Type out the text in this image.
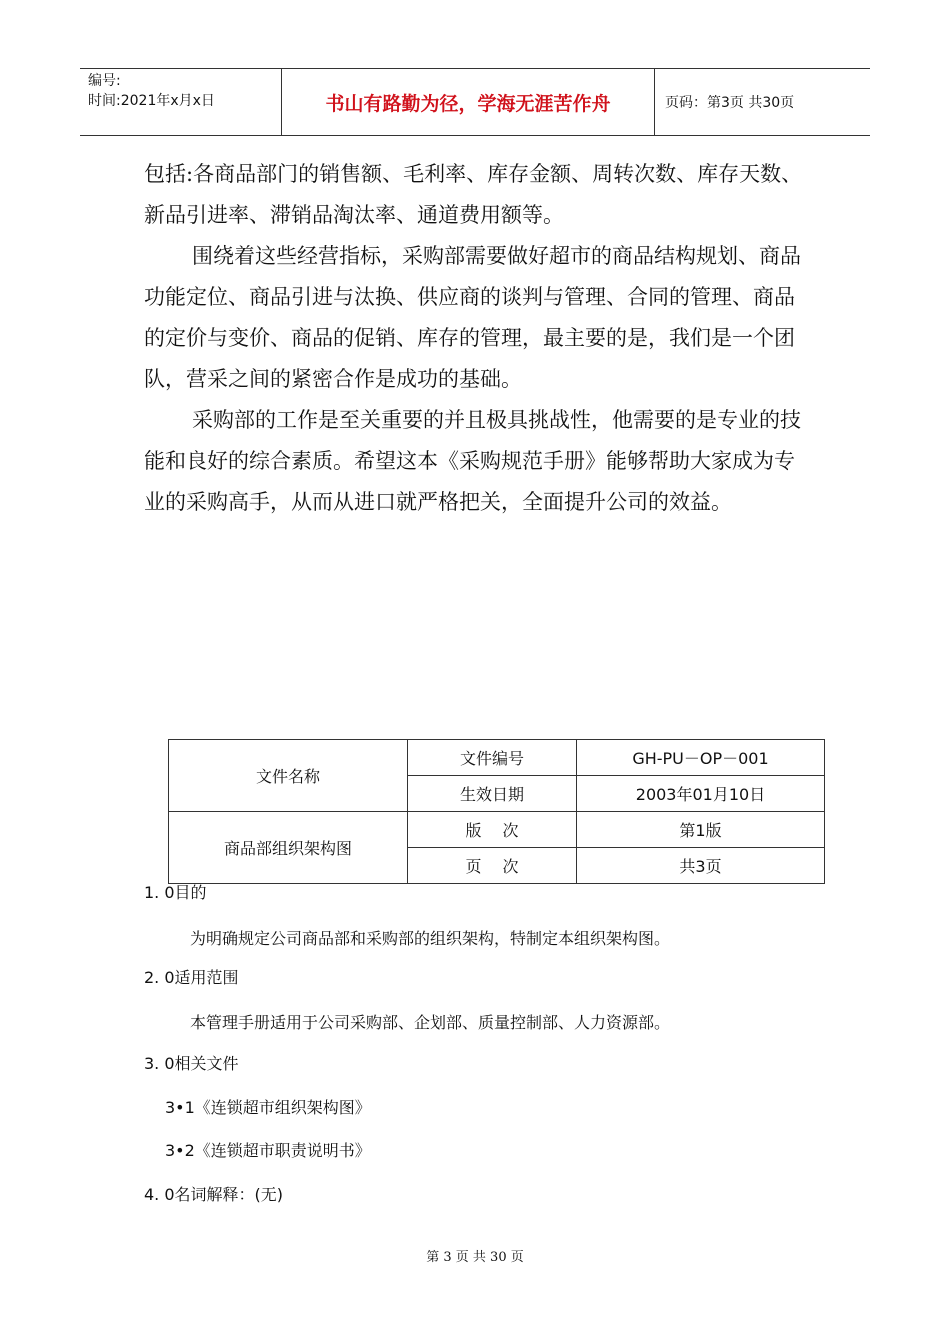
编号:
时间:2021年x月x日	书山有路勤为径，学海无涯苦作舟	页码：第3页 共30页

包括:各商品部门的销售额、毛利率、库存金额、周转次数、库存天数、新品引进率、滞销品淘汰率、通道费用额等。

围绕着这些经营指标，采购部需要做好超市的商品结构规划、商品功能定位、商品引进与汰换、供应商的谈判与管理、合同的管理、商品的定价与变价、商品的促销、库存的管理，最主要的是，我们是一个团队，营采之间的紧密合作是成功的基础。

采购部的工作是至关重要的并且极具挑战性，他需要的是专业的技能和良好的综合素质。希望这本《采购规范手册》能够帮助大家成为专业的采购高手，从而从进口就严格把关，全面提升公司的效益。

文件名称	文件编号	GH-PU－OP－001
	生效日期	2003年01月10日
商品部组织架构图	版　 次	第1版
	页　 次	共3页
1. 0目的
为明确规定公司商品部和采购部的组织架构，特制定本组织架构图。
2. 0适用范围
本管理手册适用于公司采购部、企划部、质量控制部、人力资源部。
3. 0相关文件
3•1《连锁超市组织架构图》
3•2《连锁超市职责说明书》
4. 0名词解释：(无)
第 3 页 共 30 页
